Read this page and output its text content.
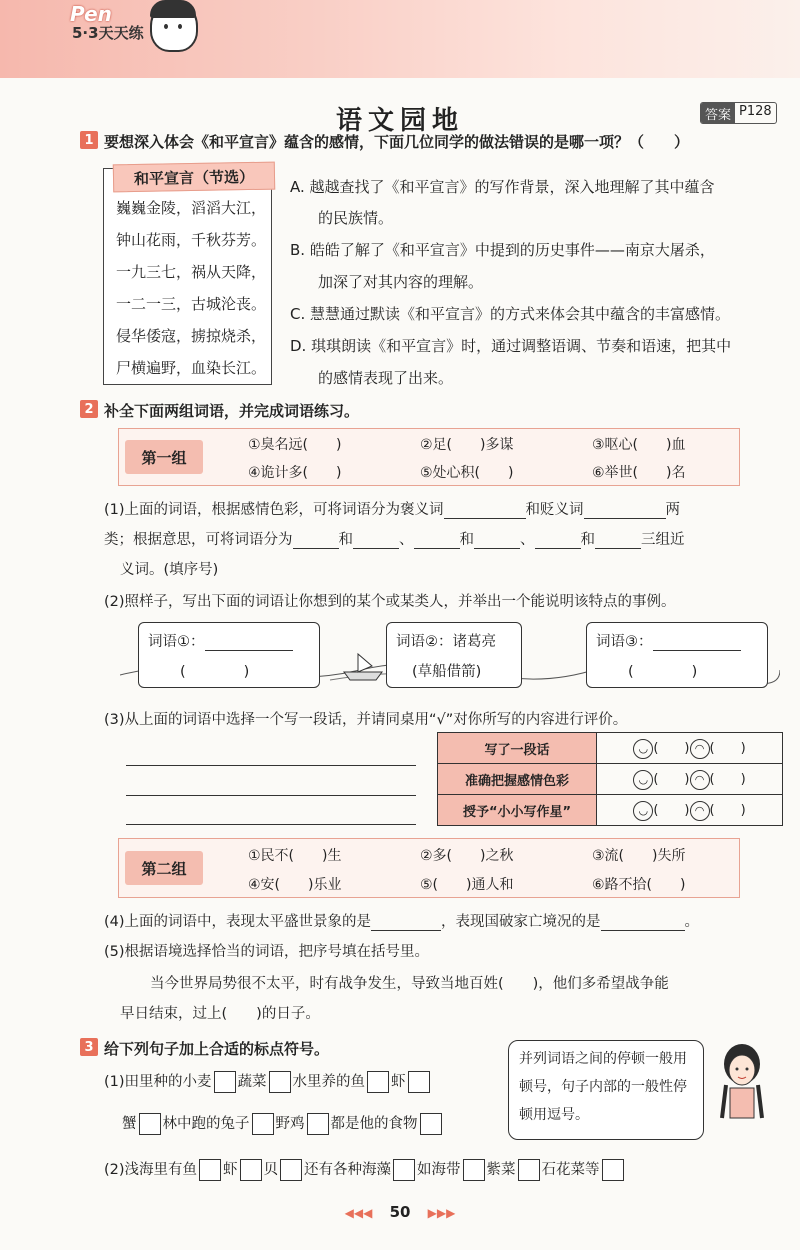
Pen
5·3天天练
语文园地	答案 P128
1 要想深入体会《和平宣言》蕴含的感情，下面几位同学的做法错误的是哪一项？（　　）
和平宣言（节选）
巍巍金陵，滔滔大江，
钟山花雨，千秋芬芳。
一九三七，祸从天降，
一二一三，古城沦丧。
侵华倭寇，掳掠烧杀，
尸横遍野，血染长江。
A. 越越查找了《和平宣言》的写作背景，深入地理解了其中蕴含
的民族情。
B. 皓皓了解了《和平宣言》中提到的历史事件——南京大屠杀，
加深了对其内容的理解。
C. 慧慧通过默读《和平宣言》的方式来体会其中蕴含的丰富感情。
D. 琪琪朗读《和平宣言》时，通过调整语调、节奏和语速，把其中
的感情表现了出来。
2 补全下面两组词语，并完成词语练习。
第一组
①臭名远(　　)	②足(　　)多谋	③呕心(　　)血
④诡计多(　　)	⑤处心积(　　)	⑥举世(　　)名
(1)上面的词语，根据感情色彩，可将词语分为褒义词	和贬义词	两
类；根据意思，可将词语分为	和	、	和	、	和	三组近
义词。(填序号)
(2)照样子，写出下面的词语让你想到的某个或某类人，并举出一个能说明该特点的事例。
词语①：
(　　　　)
词语②：诸葛亮
(草船借箭)
词语③：
(　　　　)
(3)从上面的词语中选择一个写一段话，并请同桌用“√”对你所写的内容进行评价。
写了一段话	◡ (　　) ◠ (　　)
准确把握感情色彩	◡ (　　) ◠ (　　)
授予“小小写作星”	◡ (　　) ◠ (　　)
第二组
①民不(　　)生	②多(　　)之秋	③流(　　)失所
④安(　　)乐业	⑤(　　)通人和	⑥路不拾(　　)
(4)上面的词语中，表现太平盛世景象的是	，表现国破家亡境况的是	。
(5)根据语境选择恰当的词语，把序号填在括号里。
当今世界局势很不太平，时有战争发生，导致当地百姓(　　)，他们多希望战争能
早日结束，过上(　　)的日子。
3 给下列句子加上合适的标点符号。
(1)田里种的小麦 蔬菜 水里养的鱼 虾
蟹 林中跑的兔子 野鸡 都是他的食物
(2)浅海里有鱼 虾 贝 还有各种海藻 如海带 紫菜 石花菜等
并列词语之间的停顿一般用顿号，句子内部的一般性停顿用逗号。
◀◀◀ 50 ▶▶▶
